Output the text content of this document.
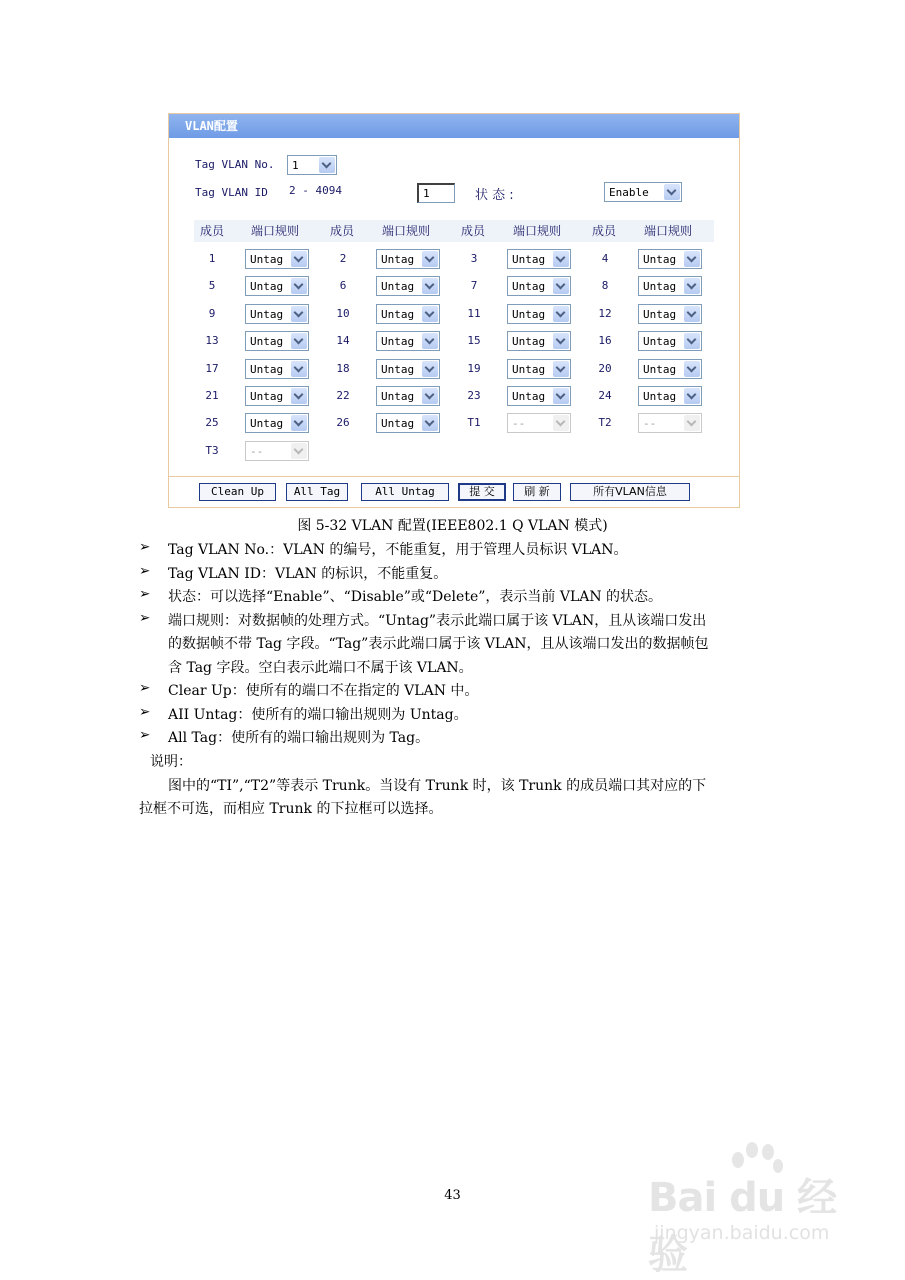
VLAN配置
Clean Up	All Tag	All Untag	提 交	刷 新	所有VLAN信息
Tag VLAN No. 1
Tag VLAN ID 2 - 4094	1	状 态 :	Enable
成员	端口规则	成员	端口规则	成员	端口规则	成员	端口规则
1	Untag	2	Untag	3	Untag	4	Untag
5	Untag	6	Untag	7	Untag	8	Untag
9	Untag	10	Untag	11	Untag	12	Untag
13	Untag	14	Untag	15	Untag	16	Untag
17	Untag	18	Untag	19	Untag	20	Untag
21	Untag	22	Untag	23	Untag	24	Untag
25	Untag	26	Untag	T1	--	T2	--
T3	--
图 5-32 VLAN 配置(IEEE802.1 Q VLAN 模式)
➢ Tag VLAN No.：VLAN 的编号，不能重复，用于管理人员标识 VLAN。
➢ Tag VLAN ID：VLAN 的标识，不能重复。
➢ 状态：可以选择“Enable”、“Disable”或“Delete”，表示当前 VLAN 的状态。
➢ 端口规则：对数据帧的处理方式。“Untag”表示此端口属于该 VLAN，且从该端口发出
的数据帧不带 Tag 字段。“Tag”表示此端口属于该 VLAN，且从该端口发出的数据帧包
含 Tag 字段。空白表示此端口不属于该 VLAN。
➢ Clear Up：使所有的端口不在指定的 VLAN 中。
➢ AII Untag：使所有的端口输出规则为 Untag。
➢ All Tag：使所有的端口输出规则为 Tag。
说明：
图中的“TI”,“T2”等表示 Trunk。当设有 Trunk 时，该 Trunk 的成员端口其对应的下
拉框不可选，而相应 Trunk 的下拉框可以选择。
43	Bai du 经验
jingyan.baidu.com
